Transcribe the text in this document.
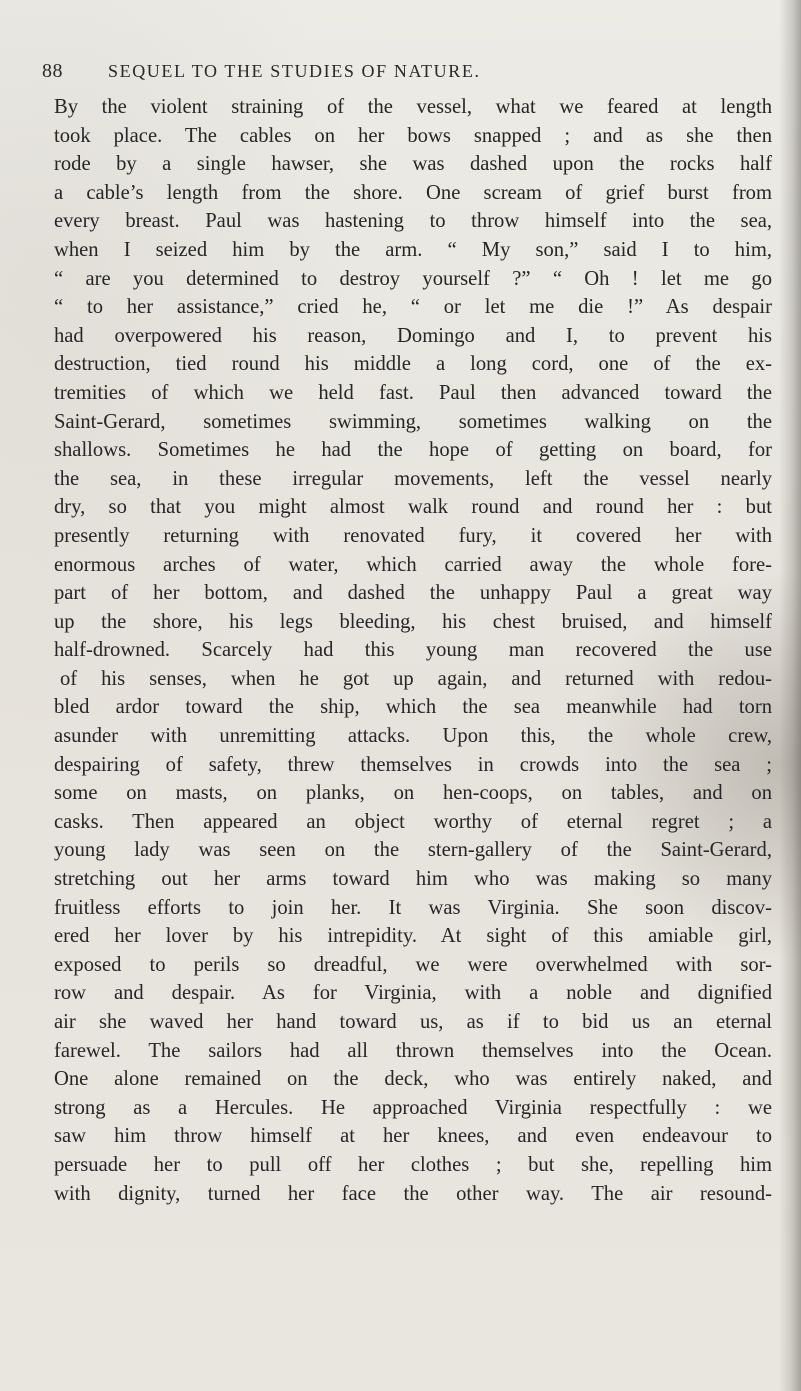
88	SEQUEL TO THE STUDIES OF NATURE.
By the violent straining of the vessel, what we feared at length
took place. The cables on her bows snapped ; and as she then
rode by a single hawser, she was dashed upon the rocks half
a cable’s length from the shore. One scream of grief burst from
every breast. Paul was hastening to throw himself into the sea,
when I seized him by the arm. “ My son,” said I to him,
“ are you determined to destroy yourself ?” “ Oh ! let me go
“ to her assistance,” cried he, “ or let me die !” As despair
had overpowered his reason, Domingo and I, to prevent his
destruction, tied round his middle a long cord, one of the ex-
tremities of which we held fast. Paul then advanced toward the
Saint-Gerard, sometimes swimming, sometimes walking on the
shallows. Sometimes he had the hope of getting on board, for
the sea, in these irregular movements, left the vessel nearly
dry, so that you might almost walk round and round her : but
presently returning with renovated fury, it covered her with
enormous arches of water, which carried away the whole fore-
part of her bottom, and dashed the unhappy Paul a great way
up the shore, his legs bleeding, his chest bruised, and himself
half-drowned. Scarcely had this young man recovered the use
of his senses, when he got up again, and returned with redou-
bled ardor toward the ship, which the sea meanwhile had torn
asunder with unremitting attacks. Upon this, the whole crew,
despairing of safety, threw themselves in crowds into the sea ;
some on masts, on planks, on hen-coops, on tables, and on
casks. Then appeared an object worthy of eternal regret ; a
young lady was seen on the stern-gallery of the Saint-Gerard,
stretching out her arms toward him who was making so many
fruitless efforts to join her. It was Virginia. She soon discov-
ered her lover by his intrepidity. At sight of this amiable girl,
exposed to perils so dreadful, we were overwhelmed with sor-
row and despair. As for Virginia, with a noble and dignified
air she waved her hand toward us, as if to bid us an eternal
farewel. The sailors had all thrown themselves into the Ocean.
One alone remained on the deck, who was entirely naked, and
strong as a Hercules. He approached Virginia respectfully : we
saw him throw himself at her knees, and even endeavour to
persuade her to pull off her clothes ; but she, repelling him
with dignity, turned her face the other way. The air resound-
